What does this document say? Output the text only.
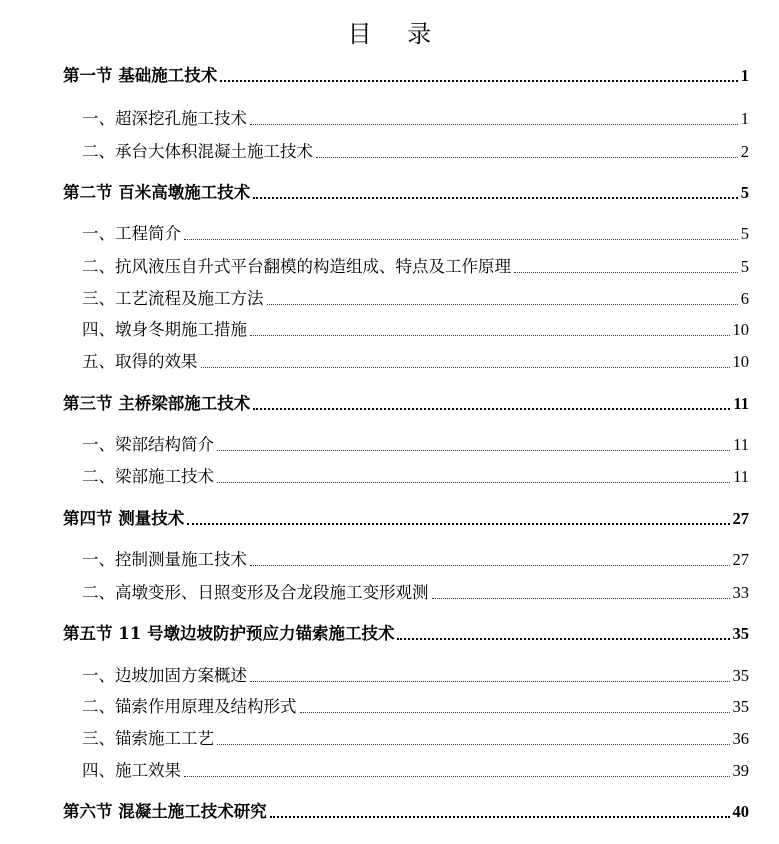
目 录
第一节 基础施工技术	1
一、超深挖孔施工技术	1
二、承台大体积混凝土施工技术	2
第二节 百米高墩施工技术	5
一、工程简介	5
二、抗风液压自升式平台翻模的构造组成、特点及工作原理	5
三、工艺流程及施工方法	6
四、墩身冬期施工措施	10
五、取得的效果	10
第三节 主桥梁部施工技术	11
一、梁部结构简介	11
二、梁部施工技术	11
第四节 测量技术	27
一、控制测量施工技术	27
二、高墩变形、日照变形及合龙段施工变形观测	33
第五节 11 号墩边坡防护预应力锚索施工技术	35
一、边坡加固方案概述	35
二、锚索作用原理及结构形式	35
三、锚索施工工艺	36
四、施工效果	39
第六节 混凝土施工技术研究	40
